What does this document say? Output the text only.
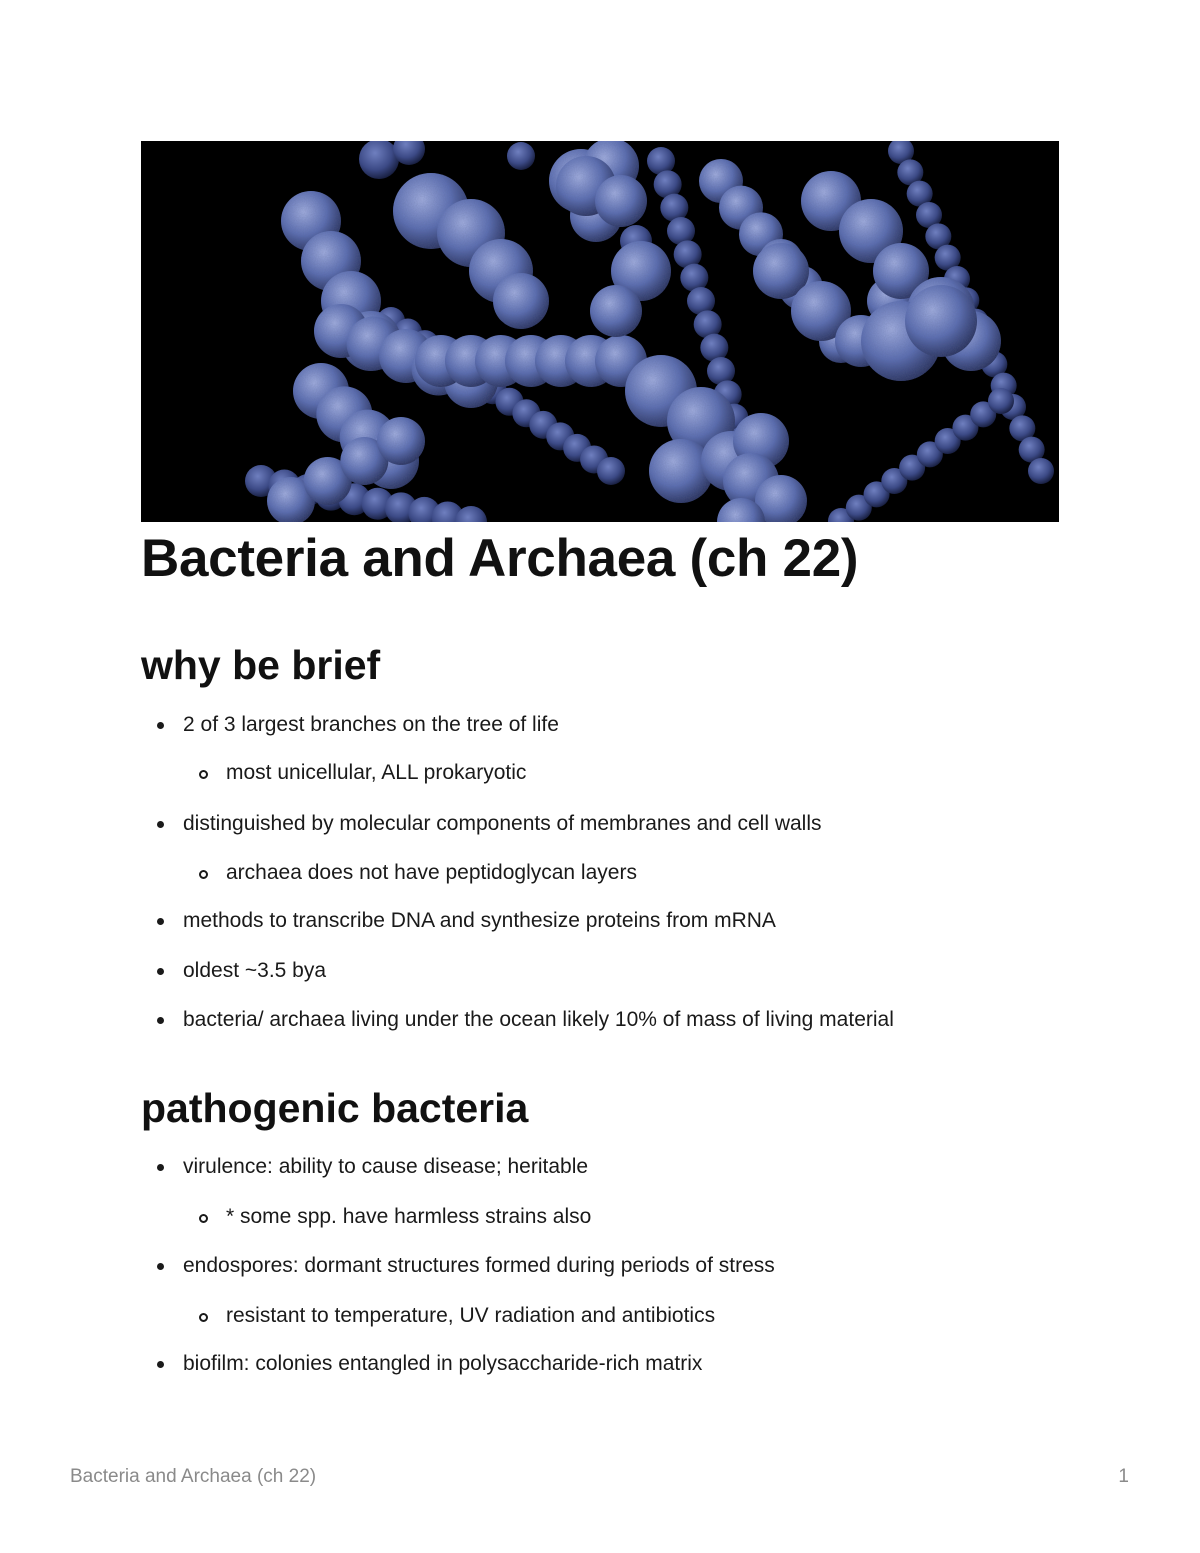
Bacteria and Archaea (ch 22)
why be brief
2 of 3 largest branches on the tree of life
most unicellular, ALL prokaryotic
distinguished by molecular components of membranes and cell walls
archaea does not have peptidoglycan layers
methods to transcribe DNA and synthesize proteins from mRNA
oldest ~3.5 bya
bacteria/ archaea living under the ocean likely 10% of mass of living material
pathogenic bacteria
virulence: ability to cause disease; heritable
* some spp. have harmless strains also
endospores: dormant structures formed during periods of stress
resistant to temperature, UV radiation and antibiotics
biofilm: colonies entangled in polysaccharide-rich matrix
Bacteria and Archaea (ch 22)	1
